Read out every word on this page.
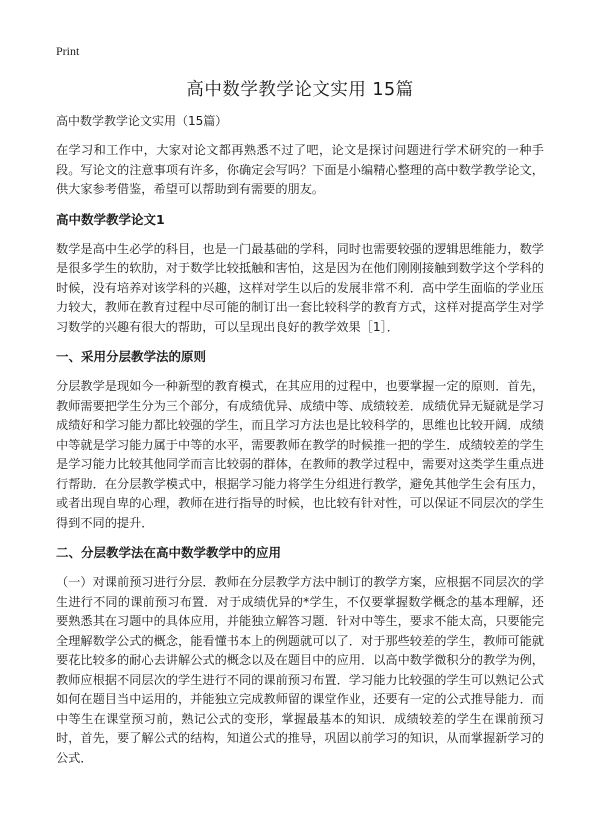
Print
高中数学教学论文实用 15篇
高中数学教学论文实用（15篇）

在学习和工作中，大家对论文都再熟悉不过了吧，论文是探讨问题进行学术研究的一种手段。写论文的注意事项有许多，你确定会写吗？下面是小编精心整理的高中数学教学论文，供大家参考借鉴，希望可以帮助到有需要的朋友。

高中数学教学论文1

数学是高中生必学的科目，也是一门最基础的学科，同时也需要较强的逻辑思维能力，数学是很多学生的软肋，对于数学比较抵触和害怕，这是因为在他们刚刚接触到数学这个学科的时候，没有培养对该学科的兴趣，这样对学生以后的发展非常不利．高中学生面临的学业压力较大，教师在教育过程中尽可能的制订出一套比较科学的教育方式，这样对提高学生对学习数学的兴趣有很大的帮助，可以呈现出良好的教学效果［1］．

一、采用分层教学法的原则

分层教学是现如今一种新型的教育模式，在其应用的过程中，也要掌握一定的原则．首先，教师需要把学生分为三个部分，有成绩优异、成绩中等、成绩较差．成绩优异无疑就是学习成绩好和学习能力都比较强的学生，而且学习方法也是比较科学的，思维也比较开阔．成绩中等就是学习能力属于中等的水平，需要教师在教学的时候推一把的学生．成绩较差的学生是学习能力比较其他同学而言比较弱的群体，在教师的教学过程中，需要对这类学生重点进行帮助．在分层教学模式中，根据学习能力将学生分组进行教学，避免其他学生会有压力，或者出现自卑的心理，教师在进行指导的时候，也比较有针对性，可以保证不同层次的学生得到不同的提升．

二、分层教学法在高中数学教学中的应用

（一）对课前预习进行分层．教师在分层教学方法中制订的教学方案，应根据不同层次的学生进行不同的课前预习布置．对于成绩优异的*学生，不仅要掌握数学概念的基本理解，还要熟悉其在习题中的具体应用，并能独立解答习题．针对中等生，要求不能太高，只要能完全理解数学公式的概念，能看懂书本上的例题就可以了．对于那些较差的学生，教师可能就要花比较多的耐心去讲解公式的概念以及在题目中的应用．以高中数学微积分的教学为例，教师应根据不同层次的学生进行不同的课前预习布置．学习能力比较强的学生可以熟记公式如何在题目当中运用的，并能独立完成教师留的课堂作业，还要有一定的公式推导能力．而中等生在课堂预习前，熟记公式的变形，掌握最基本的知识．成绩较差的学生在课前预习时，首先，要了解公式的结构，知道公式的推导，巩固以前学习的知识，从而掌握新学习的公式．
